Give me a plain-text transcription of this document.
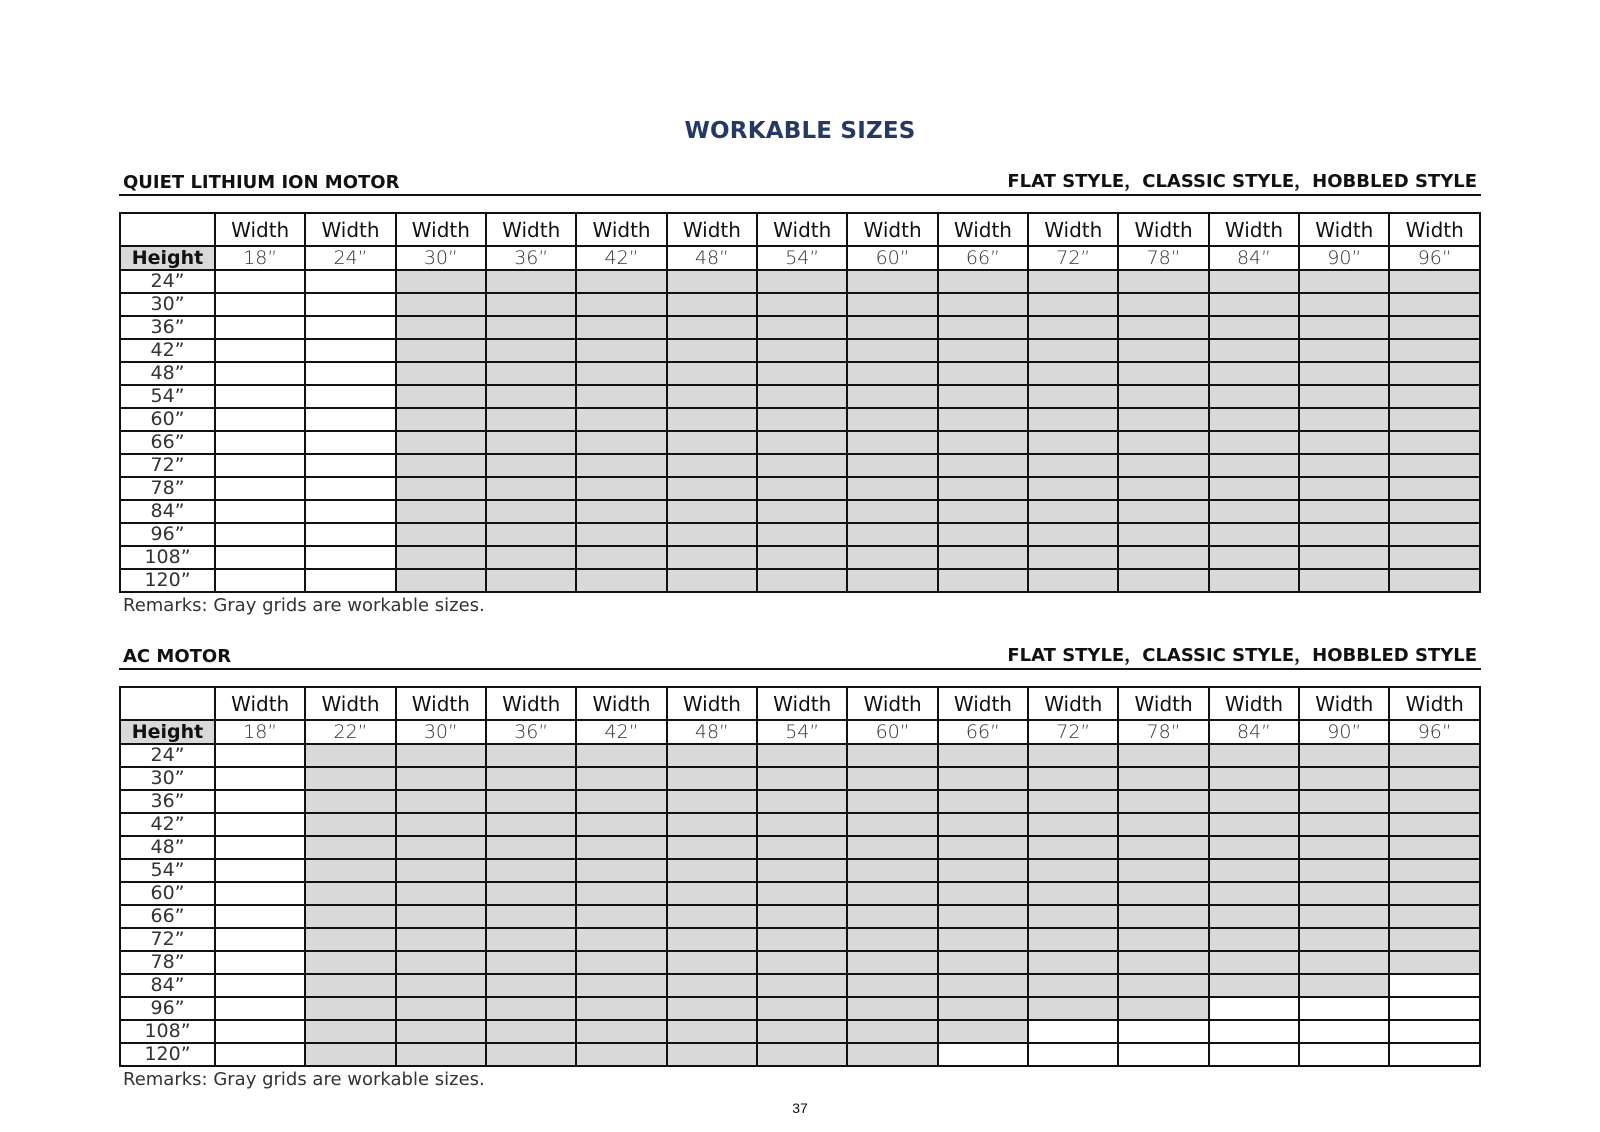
WORKABLE SIZES
QUIET LITHIUM ION MOTOR	FLAT STYLE，CLASSIC STYLE，HOBBLED STYLE
	Width	Width	Width	Width	Width	Width	Width	Width	Width	Width	Width	Width	Width	Width
Height	18”	24”	30”	36”	42”	48”	54”	60”	66”	72”	78”	84”	90”	96”
24”														
30”														
36”														
42”														
48”														
54”														
60”														
66”														
72”														
78”														
84”														
96”														
108”														
120”														
Remarks: Gray grids are workable sizes.
AC MOTOR	FLAT STYLE，CLASSIC STYLE，HOBBLED STYLE
	Width	Width	Width	Width	Width	Width	Width	Width	Width	Width	Width	Width	Width	Width
Height	18”	22”	30”	36”	42”	48”	54”	60”	66”	72”	78”	84”	90”	96”
24”														
30”														
36”														
42”														
48”														
54”														
60”														
66”														
72”														
78”														
84”														
96”														
108”														
120”														
Remarks: Gray grids are workable sizes.
37
